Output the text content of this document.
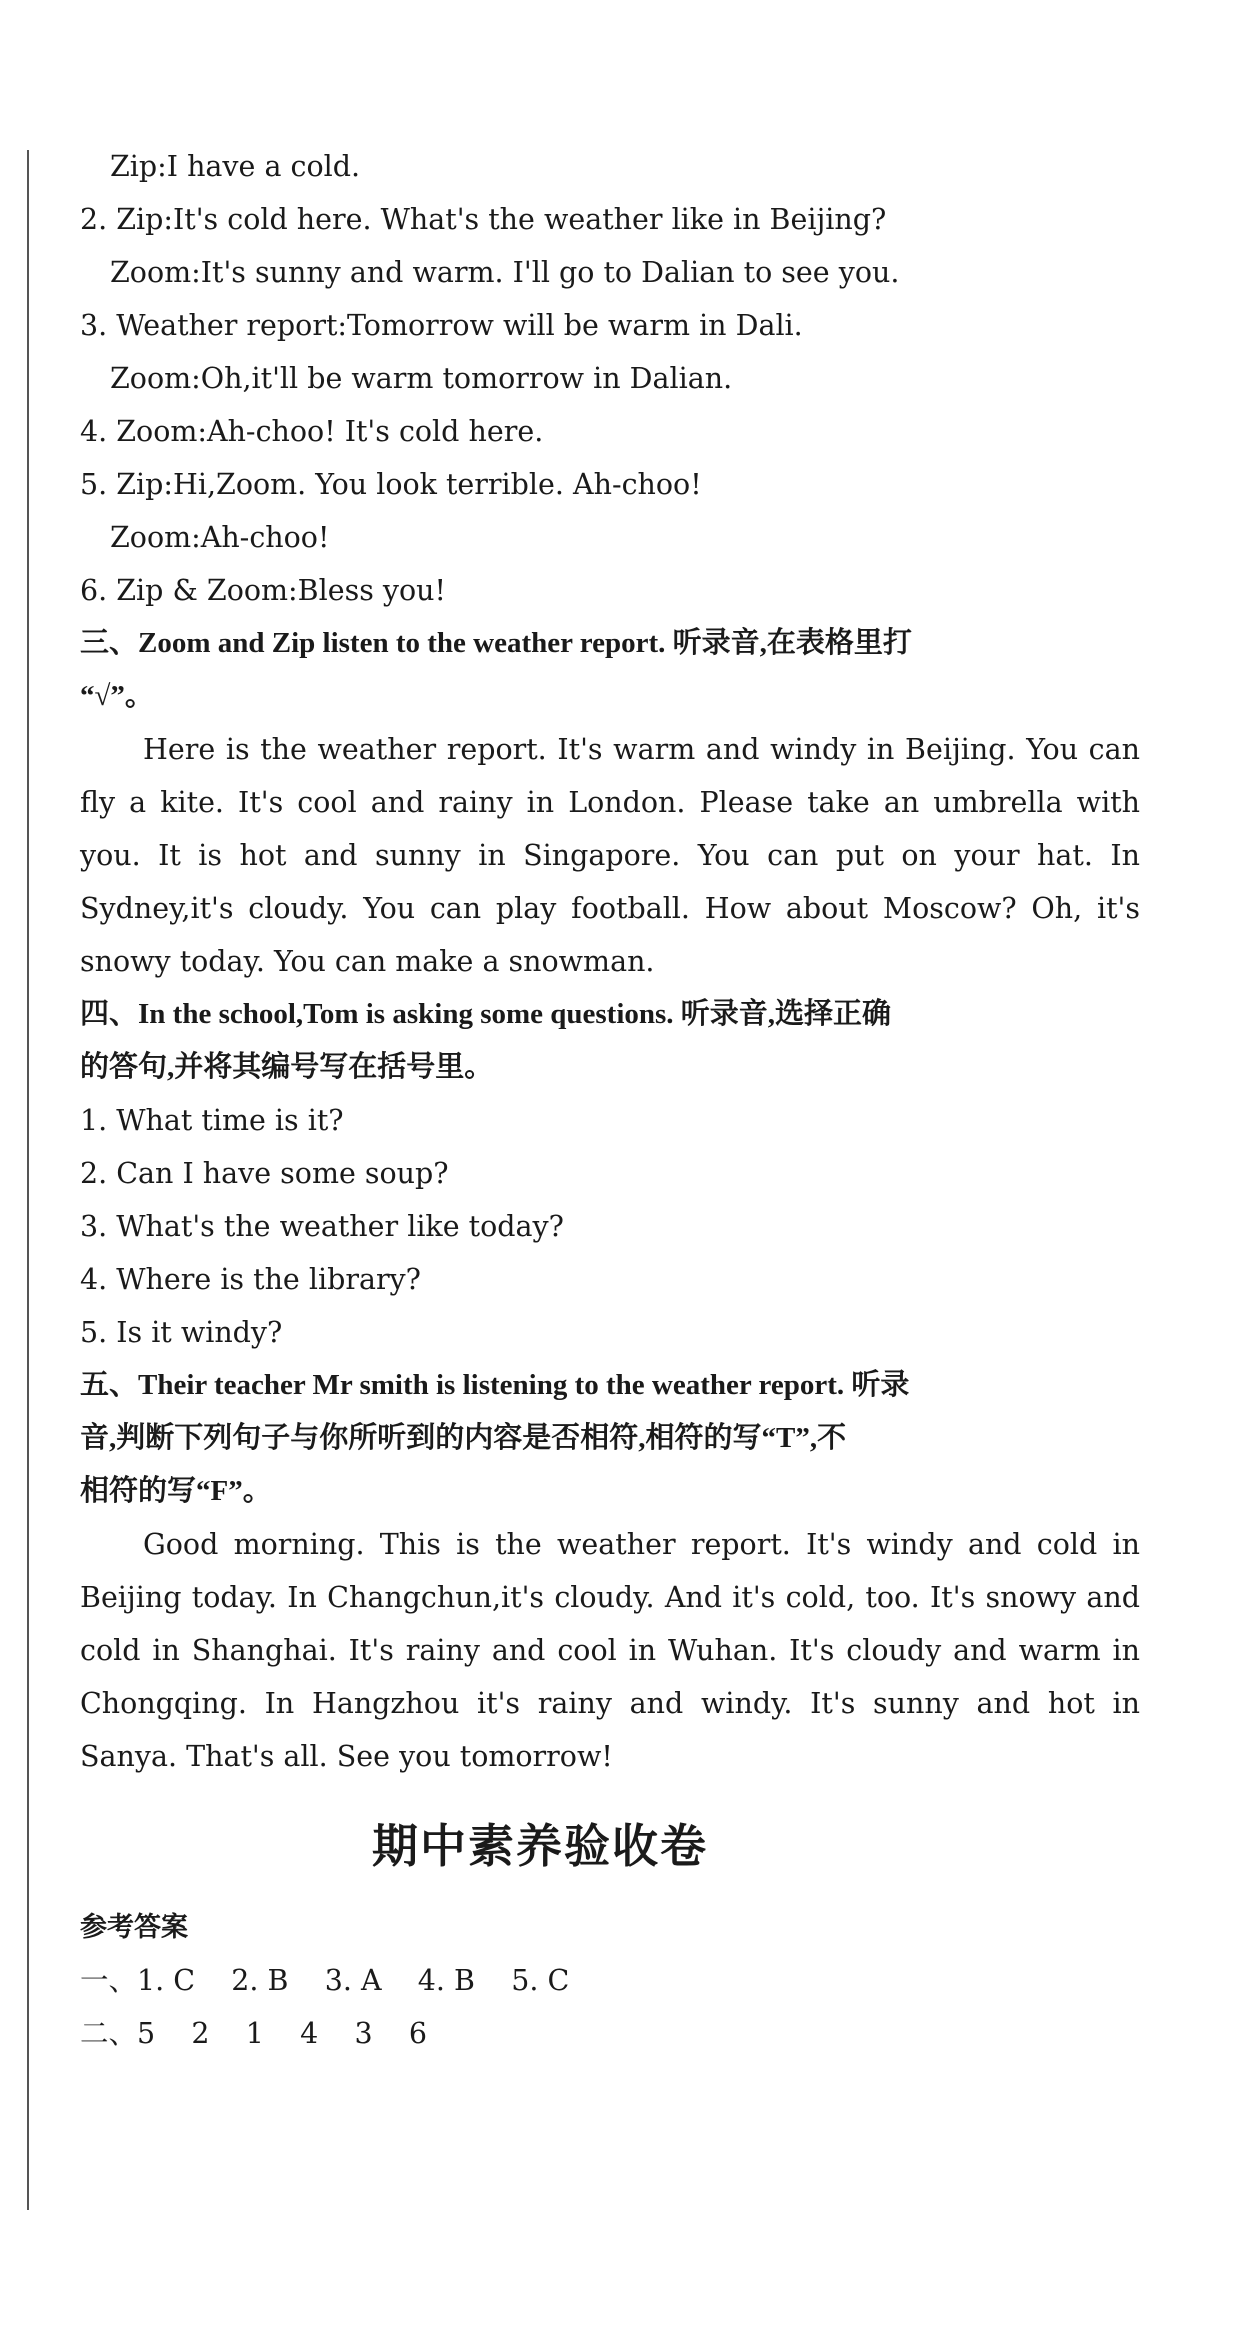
Zip:I have a cold.
2. Zip:It's cold here. What's the weather like in Beijing?
Zoom:It's sunny and warm. I'll go to Dalian to see you.
3. Weather report:Tomorrow will be warm in Dali.
Zoom:Oh,it'll be warm tomorrow in Dalian.
4. Zoom:Ah-choo! It's cold here.
5. Zip:Hi,Zoom. You look terrible. Ah-choo!
Zoom:Ah-choo!
6. Zip & Zoom:Bless you!
三、Zoom and Zip listen to the weather report. 听录音,在表格里打
“√”。

Here is the weather report. It's warm and windy in Beijing. You can fly a kite. It's cool and rainy in London. Please take an umbrella with you. It is hot and sunny in Singapore. You can put on your hat. In Sydney,it's cloudy. You can play football. How about Moscow? Oh, it's snowy today. You can make a snowman.

四、In the school,Tom is asking some questions. 听录音,选择正确
的答句,并将其编号写在括号里。
1. What time is it?
2. Can I have some soup?
3. What's the weather like today?
4. Where is the library?
5. Is it windy?
五、Their teacher Mr smith is listening to the weather report. 听录
音,判断下列句子与你所听到的内容是否相符,相符的写“T”,不
相符的写“F”。

Good morning. This is the weather report. It's windy and cold in Beijing today. In Changchun,it's cloudy. And it's cold, too. It's snowy and cold in Shanghai. It's rainy and cool in Wuhan. It's cloudy and warm in Chongqing. In Hangzhou it's rainy and windy. It's sunny and hot in Sanya. That's all. See you tomorrow!

期中素养验收卷
参考答案
一、1. C    2. B    3. A    4. B    5. C
二、5    2    1    4    3    6
